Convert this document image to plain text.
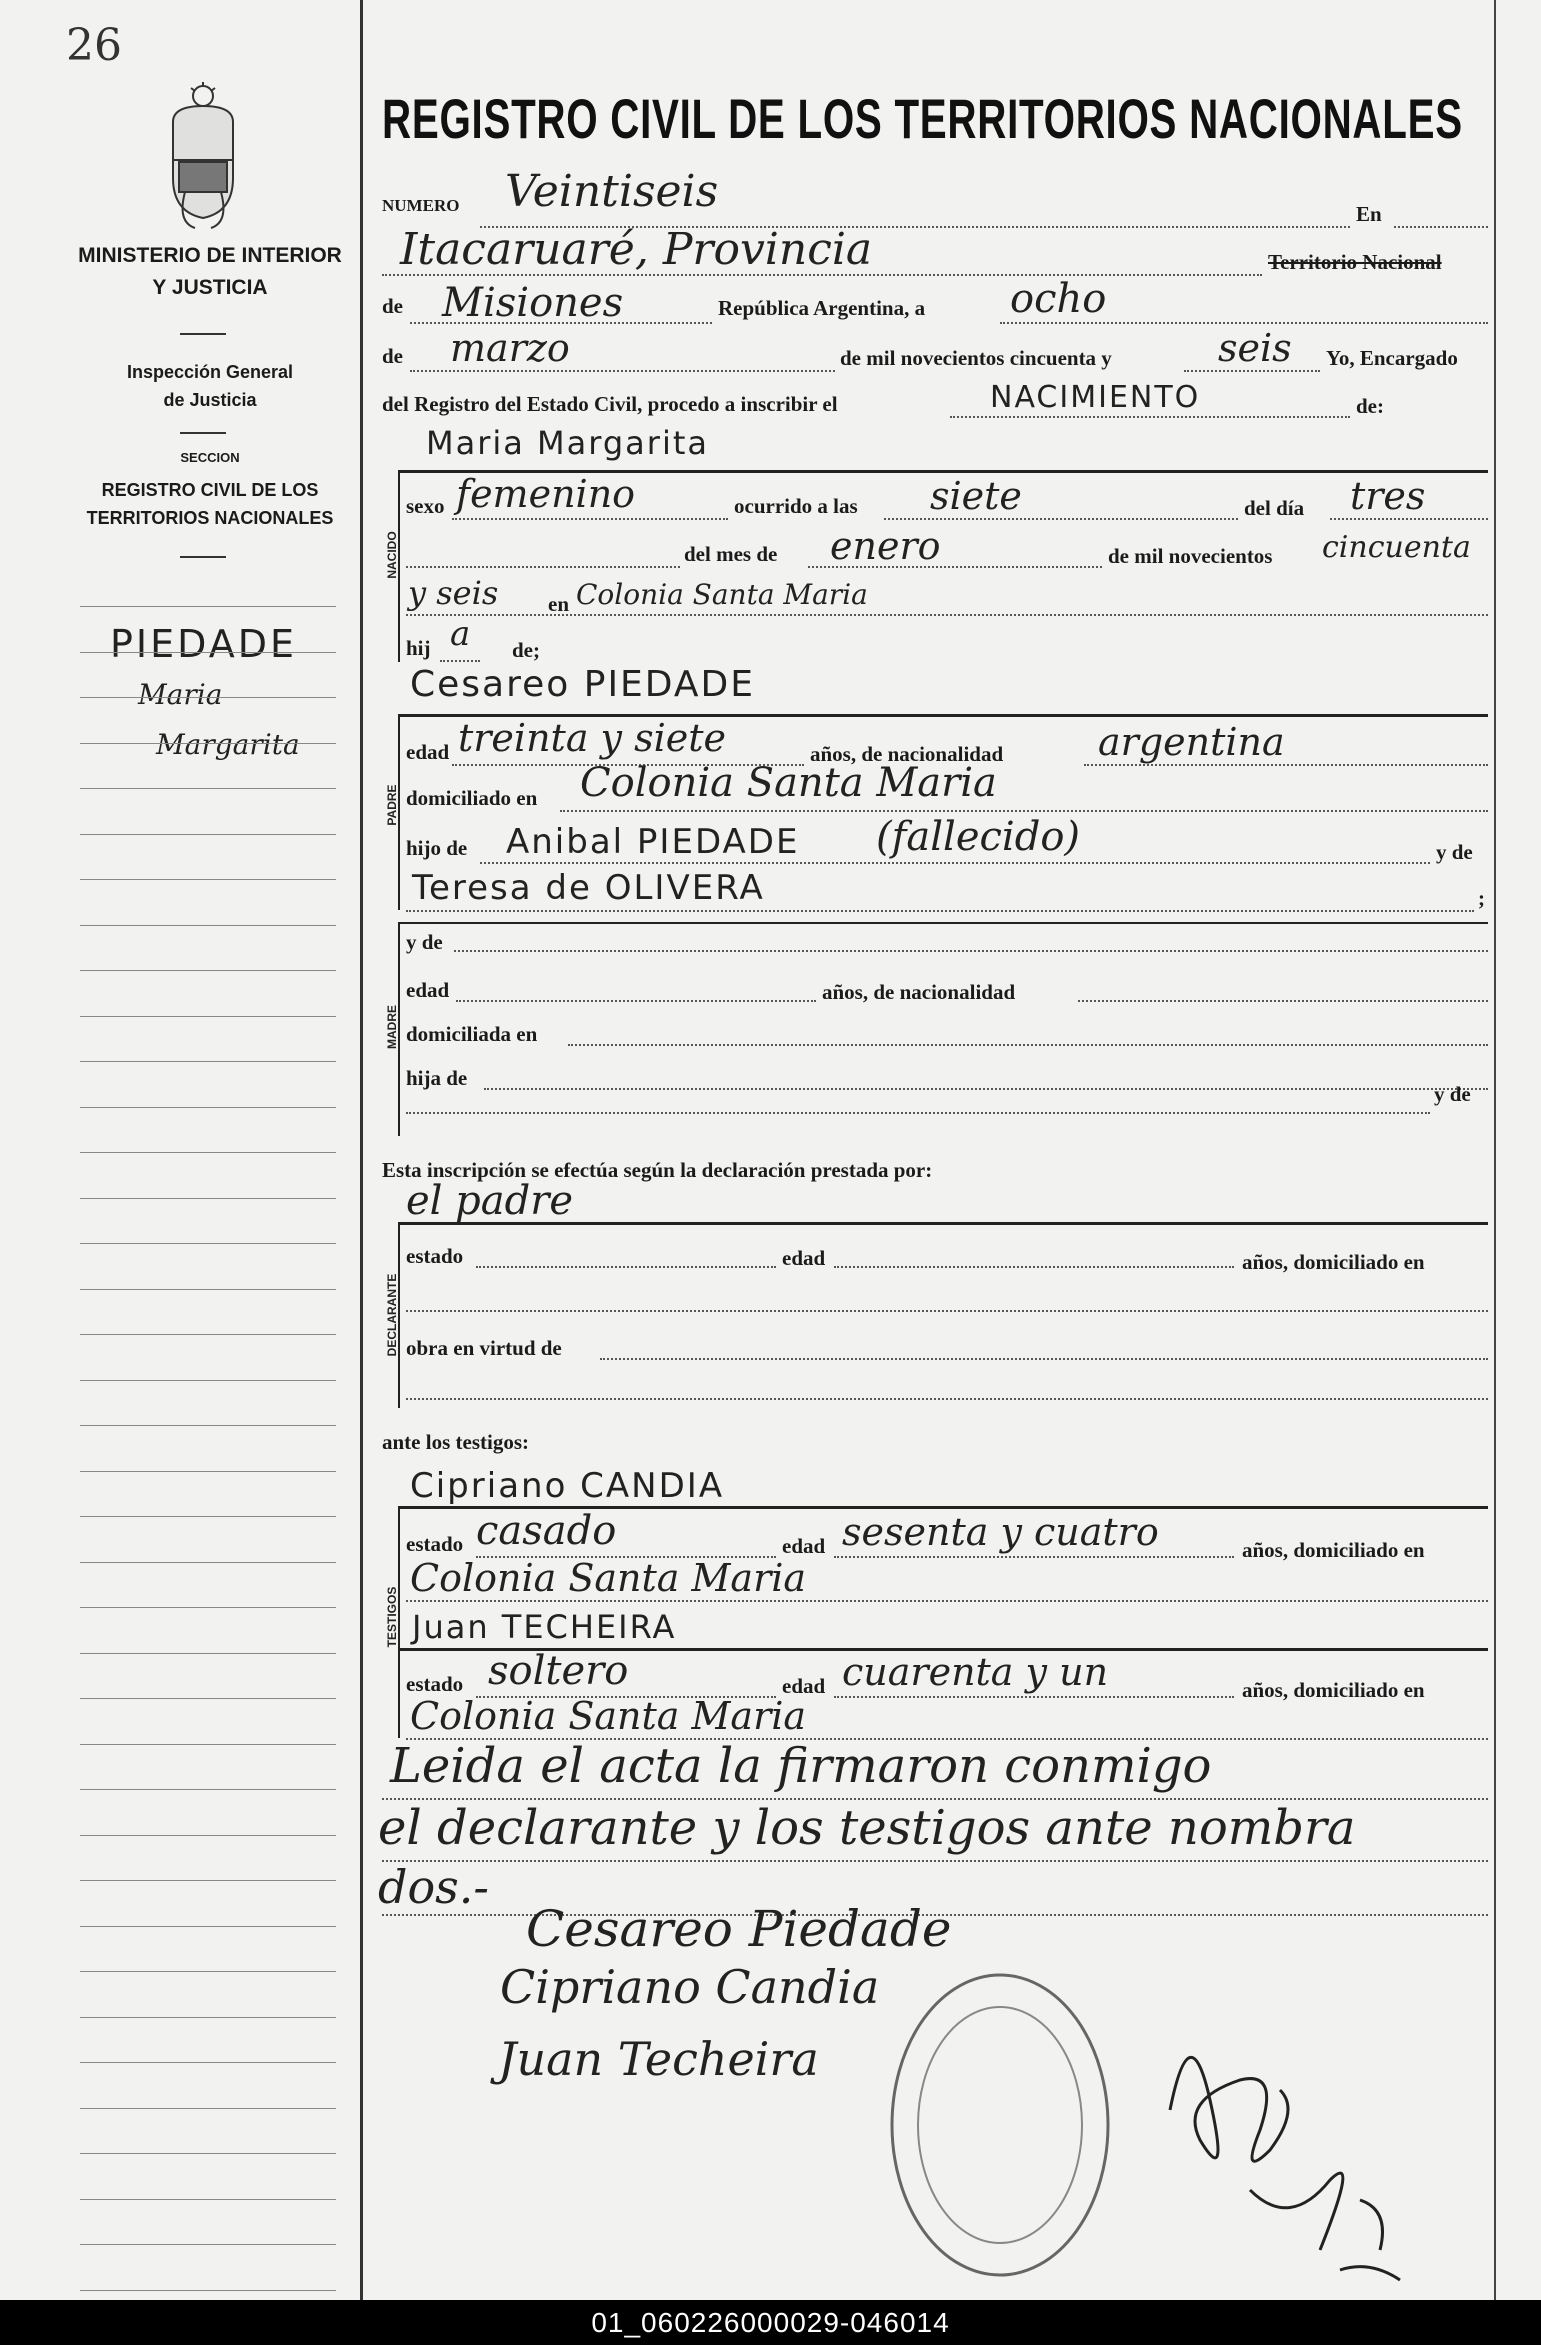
26
MINISTERIO DE INTERIOR
Y JUSTICIA
Inspección General
de Justicia
SECCION
REGISTRO CIVIL DE LOS
TERRITORIOS NACIONALES
PIEDADE
Maria
Margarita
REGISTRO CIVIL DE LOS TERRITORIOS NACIONALES
NUMERO Veintiseis	En
Itacaruaré, Provincia	Territorio Nacional
de Misiones	República Argentina, a ocho
de marzo	de mil novecientos cincuenta y	seis Yo, Encargado
del Registro del Estado Civil, procedo a inscribir el	NACIMIENTO	de:
Maria Margarita
NACIDO
sexo femenino	ocurrido a las siete	del día tres
del mes de enero	de mil novecientos cincuenta
y seis en Colonia Santa Maria
hij a de;
Cesareo PIEDADE
PADRE
edad treinta y siete	años, de nacionalidad argentina
domiciliado en Colonia Santa Maria
hijo de Anibal PIEDADE (fallecido)	y de
Teresa de OLIVERA	;
MADRE
y de
edad	años, de nacionalidad
domiciliada en
hija de
y de
Esta inscripción se efectúa según la declaración prestada por:
el padre
DECLARANTE
estado	edad	años, domiciliado en
obra en virtud de
ante los testigos:
Cipriano CANDIA
TESTIGOS
estado casado	edad sesenta y cuatro	años, domiciliado en
Colonia Santa Maria
Juan TECHEIRA
estado soltero	edad cuarenta y un	años, domiciliado en
Colonia Santa Maria
Leida el acta la firmaron conmigo
el declarante y los testigos ante nombra
dos.-
Cesareo Piedade
Cipriano Candia
Juan Techeira
01_060226000029-046014
